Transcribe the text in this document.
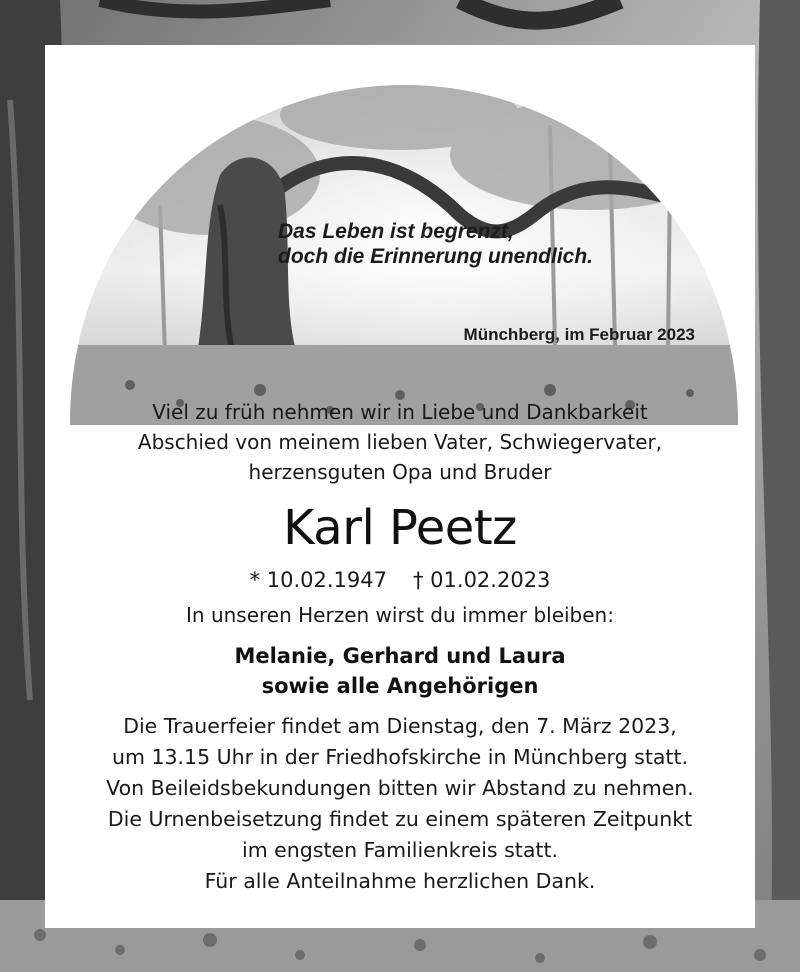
Das Leben ist begrenzt,
doch die Erinnerung unendlich.
Münchberg, im Februar 2023
Viel zu früh nehmen wir in Liebe und Dankbarkeit
Abschied von meinem lieben Vater, Schwiegervater,
herzensguten Opa und Bruder
Karl Peetz
* 10.02.1947 † 01.02.2023
In unseren Herzen wirst du immer bleiben:
Melanie, Gerhard und Laura
sowie alle Angehörigen
Die Trauerfeier findet am Dienstag, den 7. März 2023,
um 13.15 Uhr in der Friedhofskirche in Münchberg statt.
Von Beileidsbekundungen bitten wir Abstand zu nehmen.
Die Urnenbeisetzung findet zu einem späteren Zeitpunkt
im engsten Familienkreis statt.
Für alle Anteilnahme herzlichen Dank.
